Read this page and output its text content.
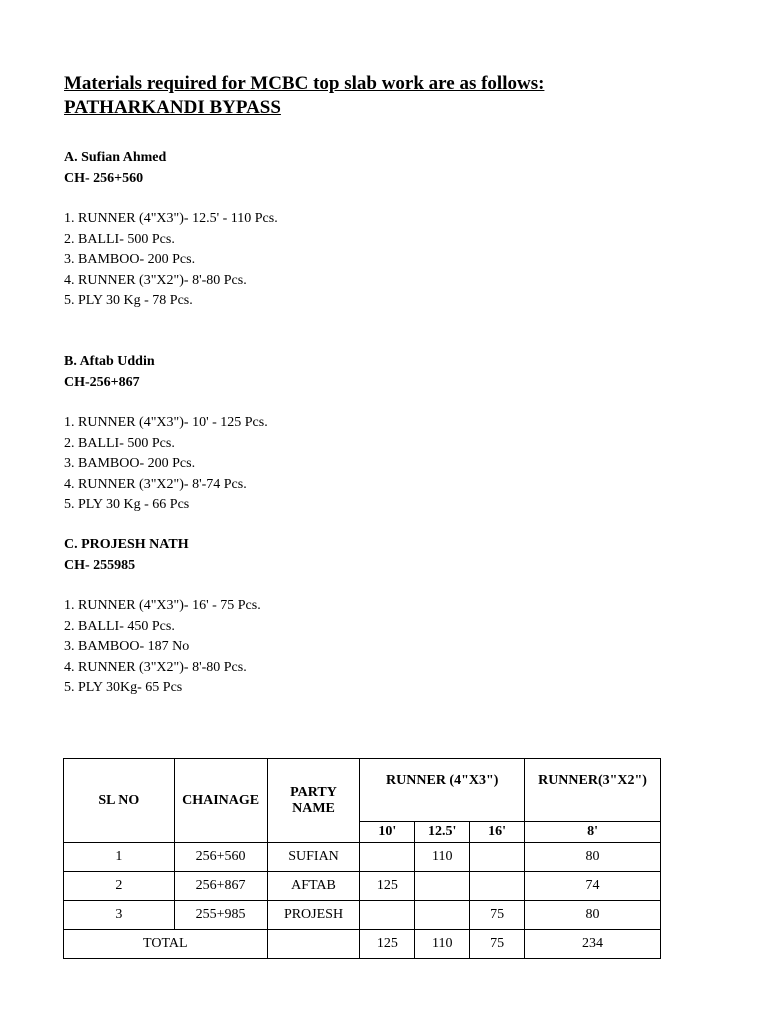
Materials required for MCBC top slab work are as follows:
PATHARKANDI BYPASS
A. Sufian Ahmed
CH- 256+560
1. RUNNER (4"X3")- 12.5' - 110 Pcs.
2. BALLI- 500 Pcs.
3. BAMBOO- 200 Pcs.
4. RUNNER (3"X2")- 8'-80 Pcs.
5. PLY 30 Kg - 78 Pcs.
B. Aftab Uddin
CH-256+867
1. RUNNER (4"X3")- 10' - 125 Pcs.
2. BALLI- 500 Pcs.
3. BAMBOO- 200 Pcs.
4. RUNNER (3"X2")- 8'-74 Pcs.
5. PLY 30 Kg - 66 Pcs
C. PROJESH NATH
CH- 255985
1. RUNNER (4"X3")- 16' - 75 Pcs.
2. BALLI- 450 Pcs.
3. BAMBOO- 187 No
4. RUNNER (3"X2")- 8'-80 Pcs.
5. PLY 30Kg- 65 Pcs
SL NO	CHAINAGE	PARTY NAME	RUNNER (4"X3")			RUNNER(3"X2")
			10'	12.5'	16'	8'
1	256+560	SUFIAN		110		80
2	256+867	AFTAB	125			74
3	255+985	PROJESH			75	80
TOTAL			125	110	75	234
